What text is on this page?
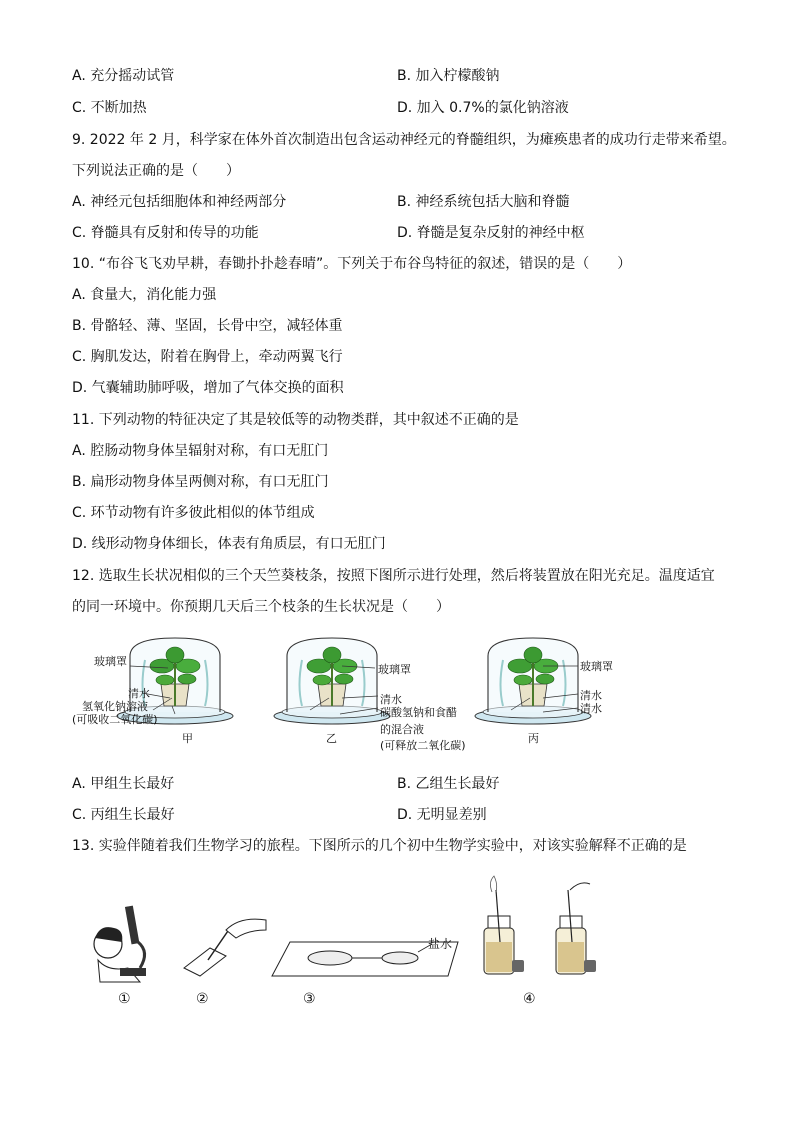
A. 充分摇动试管	B. 加入柠檬酸钠
C. 不断加热	D. 加入 0.7%的氯化钠溶液
9. 2022 年 2 月，科学家在体外首次制造出包含运动神经元的脊髓组织，为瘫痪患者的成功行走带来希望。
下列说法正确的是（　　）
A. 神经元包括细胞体和神经两部分	B. 神经系统包括大脑和脊髓
C. 脊髓具有反射和传导的功能	D. 脊髓是复杂反射的神经中枢
10. “布谷飞飞劝早耕，春锄扑扑趁春晴”。下列关于布谷鸟特征的叙述，错误的是（　　）
A. 食量大，消化能力强
B. 骨骼轻、薄、坚固，长骨中空，减轻体重
C. 胸肌发达，附着在胸骨上，牵动两翼飞行
D. 气囊辅助肺呼吸，增加了气体交换的面积
11. 下列动物的特征决定了其是较低等的动物类群，其中叙述不正确的是
A. 腔肠动物身体呈辐射对称，有口无肛门
B. 扁形动物身体呈两侧对称，有口无肛门
C. 环节动物有许多彼此相似的体节组成
D. 线形动物身体细长，体表有角质层，有口无肛门
12. 选取生长状况相似的三个天竺葵枝条，按照下图所示进行处理，然后将装置放在阳光充足。温度适宜
的同一环境中。你预期几天后三个枝条的生长状况是（　　）
玻璃罩
清水
氢氧化钠溶液
(可吸收二氧化碳)
甲
玻璃罩
清水
碳酸氢钠和食醋
的混合液
(可释放二氧化碳)
乙
玻璃罩
清水
清水
丙
A. 甲组生长最好	B. 乙组生长最好
C. 丙组生长最好	D. 无明显差别
13. 实验伴随着我们生物学习的旅程。下图所示的几个初中生物学实验中，对该实验解释不正确的是
盐水
①	②	③	④
